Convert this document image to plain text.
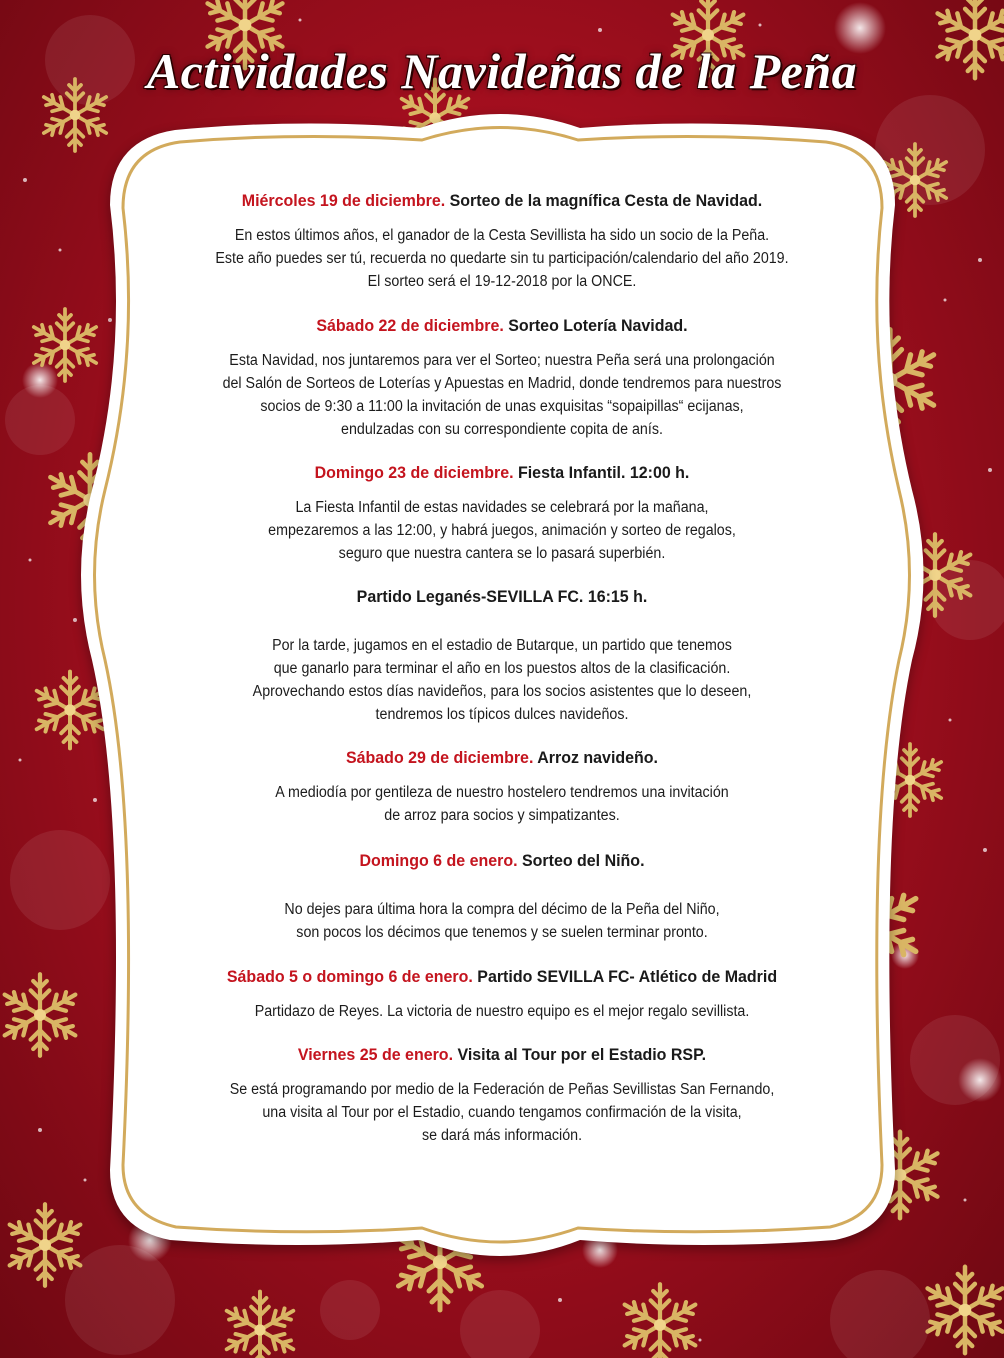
Actividades Navideñas de la Peña
Miércoles 19 de diciembre. Sorteo de la magnífica Cesta de Navidad.
En estos últimos años, el ganador de la Cesta Sevillista ha sido un socio de la Peña.
Este año puedes ser tú, recuerda no quedarte sin tu participación/calendario del año 2019.
El sorteo será el 19-12-2018 por la ONCE.
Sábado 22 de diciembre. Sorteo Lotería Navidad.
Esta Navidad, nos juntaremos para ver el Sorteo; nuestra Peña será una prolongación
del Salón de Sorteos de Loterías y Apuestas en Madrid, donde tendremos para nuestros
socios de 9:30 a 11:00 la invitación de unas exquisitas “sopaipillas“ ecijanas,
endulzadas con su correspondiente copita de anís.
Domingo 23 de diciembre. Fiesta Infantil. 12:00 h.
La Fiesta Infantil de estas navidades se celebrará por la mañana,
empezaremos a las 12:00, y habrá juegos, animación y sorteo de regalos,
seguro que nuestra cantera se lo pasará superbién.
Partido Leganés-SEVILLA FC. 16:15 h.
Por la tarde, jugamos en el estadio de Butarque, un partido que tenemos
que ganarlo para terminar el año en los puestos altos de la clasificación.
Aprovechando estos días navideños, para los socios asistentes que lo deseen,
tendremos los típicos dulces navideños.
Sábado 29 de diciembre. Arroz navideño.
A mediodía por gentileza de nuestro hostelero tendremos una invitación
de arroz para socios y simpatizantes.
Domingo 6 de enero. Sorteo del Niño.
No dejes para última hora la compra del décimo de la Peña del Niño,
son pocos los décimos que tenemos y se suelen terminar pronto.
Sábado 5 o domingo 6 de enero. Partido SEVILLA FC- Atlético de Madrid
Partidazo de Reyes. La victoria de nuestro equipo es el mejor regalo sevillista.
Viernes 25 de enero. Visita al Tour por el Estadio RSP.
Se está programando por medio de la Federación de Peñas Sevillistas San Fernando,
una visita al Tour por el Estadio, cuando tengamos confirmación de la visita,
se dará más información.
